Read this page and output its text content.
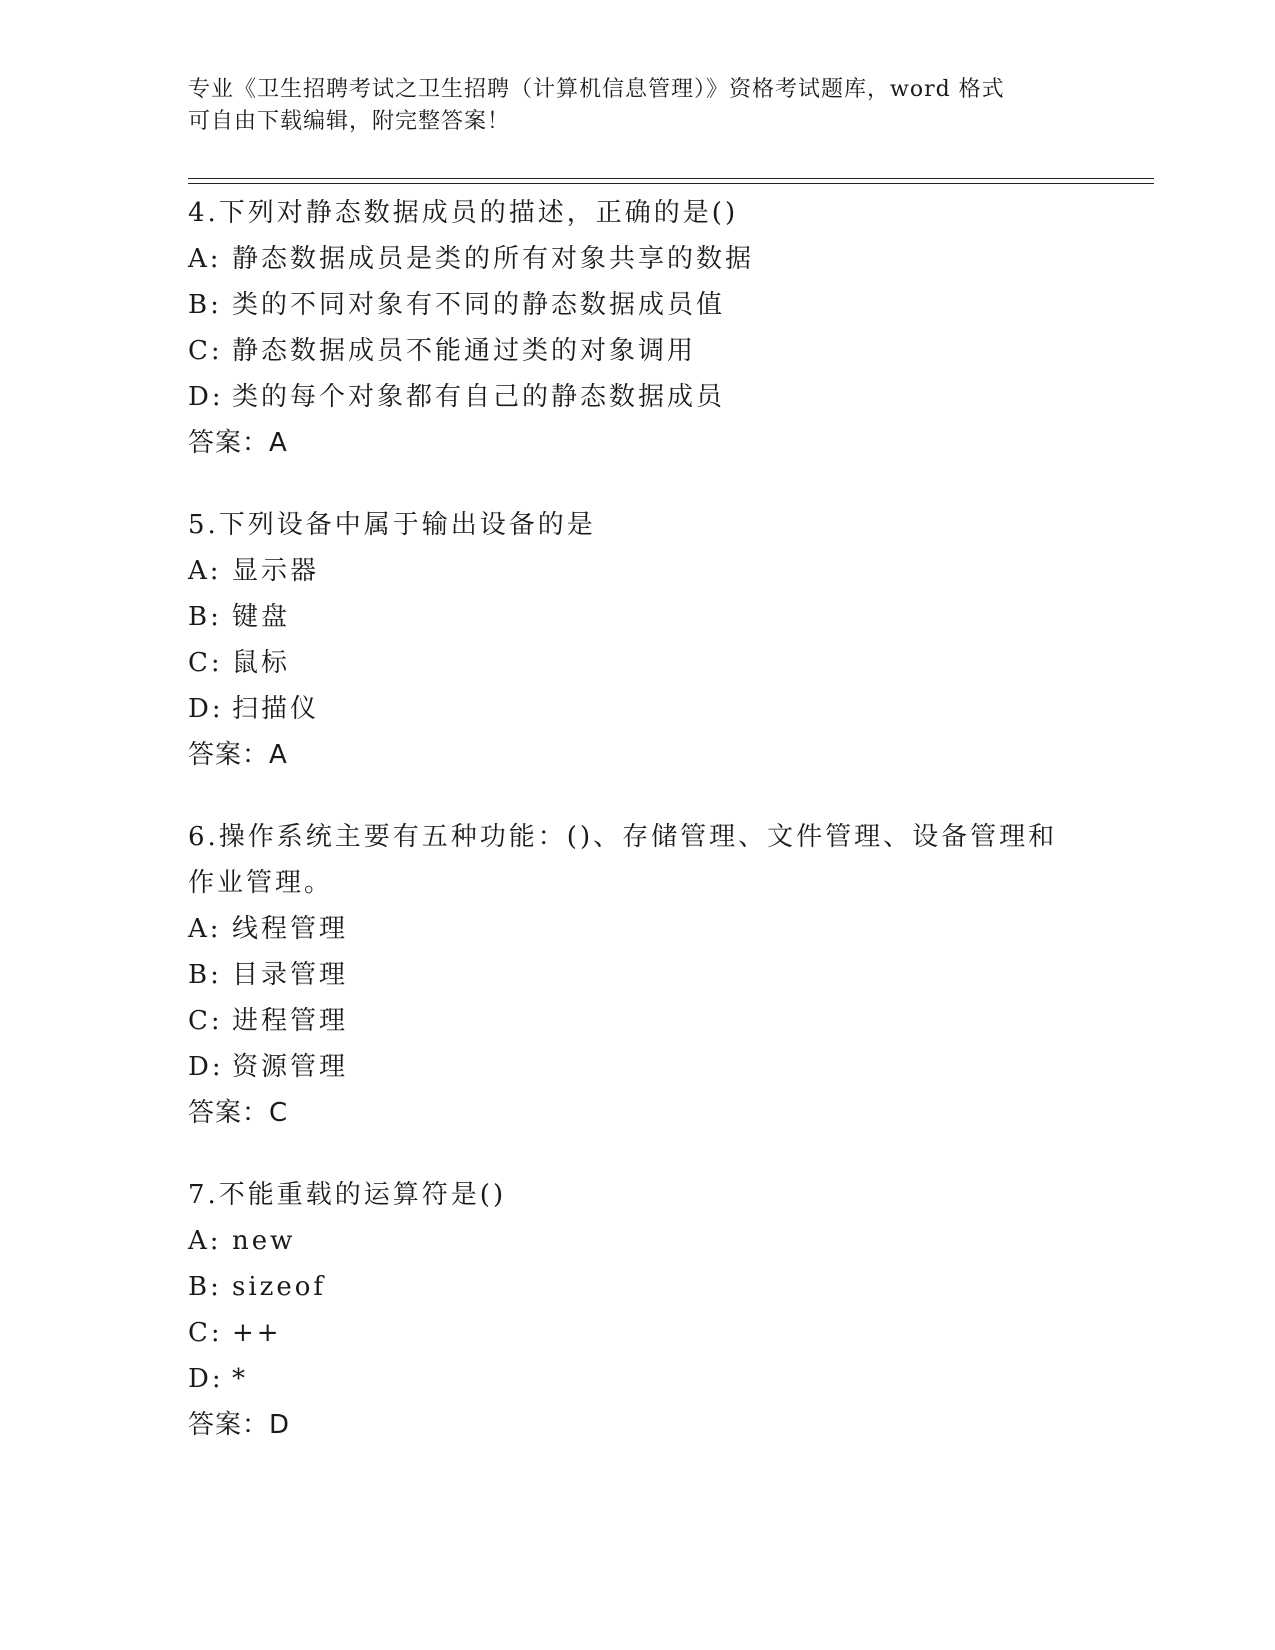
专业《卫生招聘考试之卫生招聘（计算机信息管理）》资格考试题库，word 格式
可自由下载编辑，附完整答案！
4.下列对静态数据成员的描述，正确的是()
A: 静态数据成员是类的所有对象共享的数据
B: 类的不同对象有不同的静态数据成员值
C: 静态数据成员不能通过类的对象调用
D: 类的每个对象都有自己的静态数据成员
答案：A
5.下列设备中属于输出设备的是
A: 显示器
B: 键盘
C: 鼠标
D: 扫描仪
答案：A
6.操作系统主要有五种功能：()、存储管理、文件管理、设备管理和
作业管理。
A: 线程管理
B: 目录管理
C: 进程管理
D: 资源管理
答案：C
7.不能重载的运算符是()
A: new
B: sizeof
C: ++
D: *
答案：D
